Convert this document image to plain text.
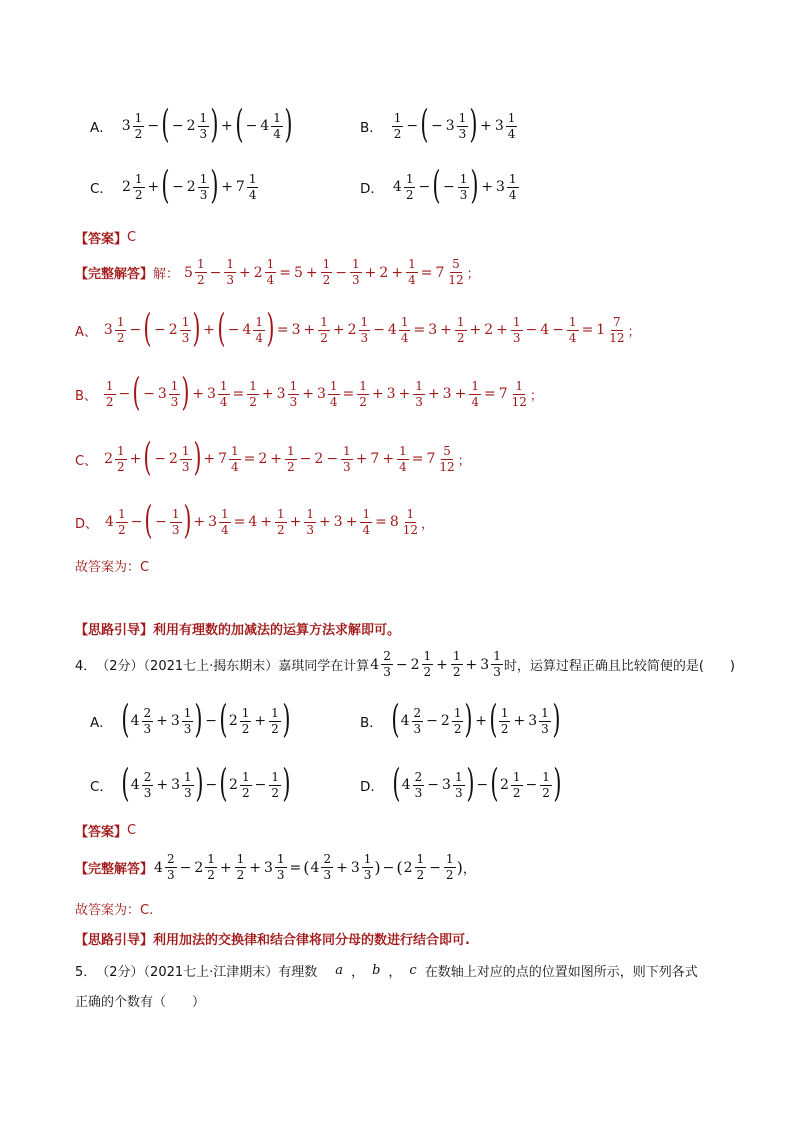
A． 3
1
2 − ( − 2
1
3 ) + ( − 4
1
4 )	B．
1
2 − ( − 3
1
3 ) + 3
1
4
C． 2
1
2 + ( − 2
1
3 ) + 7
1
4	D． 4
1
2 − ( − $\frac{1}{3}$ ) + 3
1
4
【答案】 C
【完整解答】 解： 5
1
$2 - \frac{1}{3} + 2 \frac{1}{4} = 5 + \frac{1}{2} - \frac{1}{3} + 2 + \frac{1}{4} = 7$
5
12 ；
A、 3
1
2 − ( − 2
1
3 ) + ( − 4
1
4 ) = $3 + \frac{1}{2} + 2$
1
$3 - 4 \frac{1}{4} = 3 + \frac{1}{2} + 2 + \frac{1}{3} - 4 - \frac{1}{4} = 1$
7
12 ；
B、
1
2 − ( − 3
1
3 ) + $3 \frac{1}{4} = \frac{1}{2} + 3$
1
$3 + 3 \frac{1}{4} = \frac{1}{2} + 3 + \frac{1}{3} + 3 + \frac{1}{4} = 7$
1
12 ；
C、 2
1
2 + ( − 2
1
3 ) + $7 \frac{1}{4} = 2 + \frac{1}{2} - 2 - \frac{1}{3} + 7 + \frac{1}{4} = 7$
5
12 ；
D、 4
1
2 − ( − $\frac{1}{3}$ ) + $3 \frac{1}{4} = 4 + \frac{1}{2} + \frac{1}{3} + 3 + \frac{1}{4} = 8$
1
12 ，
故答案为：C
【思路引导】 利用有理数的加减法的运算方法求解即可。
4． （2分）（2021七上·揭东期末） 嘉琪同学在计算 4
2
3 − 2
1
$2 + \frac{1}{2} + 3$
1
3 时，运算过程正确且比较简便的是(　　)
A． ( 4
2
3 + 3
1
3 ) − ( 2
1
$2 + \frac{1}{2}$ )	B． ( 4
2
3 − 2
1
2 ) + ( 1
2 + 3
1
3 )
C． ( 4
2
3 + 3
1
3 ) − ( 2
1
$2 - \frac{1}{2}$ )	D． ( 4
2
3 − 3
1
3 ) − ( 2
1
$2 - \frac{1}{2}$ )
【答案】 C
【完整解答】 4
2
3 − 2
1
$2 + \frac{1}{2} + 3 \frac{1}{3}$ = ( 4
2
3 + 3
1
3 ) − ( 2
1
$2 - \frac{1}{2}$ ) ，
故答案为：C.
【思路引导】 利用加法的交换律和结合律将同分母的数进行结合即可.
5． （2分）（2021七上·江津期末） 有理数 a ， b ， c 在数轴上对应的点的位置如图所示，则下列各式
正确的个数有（　　）
